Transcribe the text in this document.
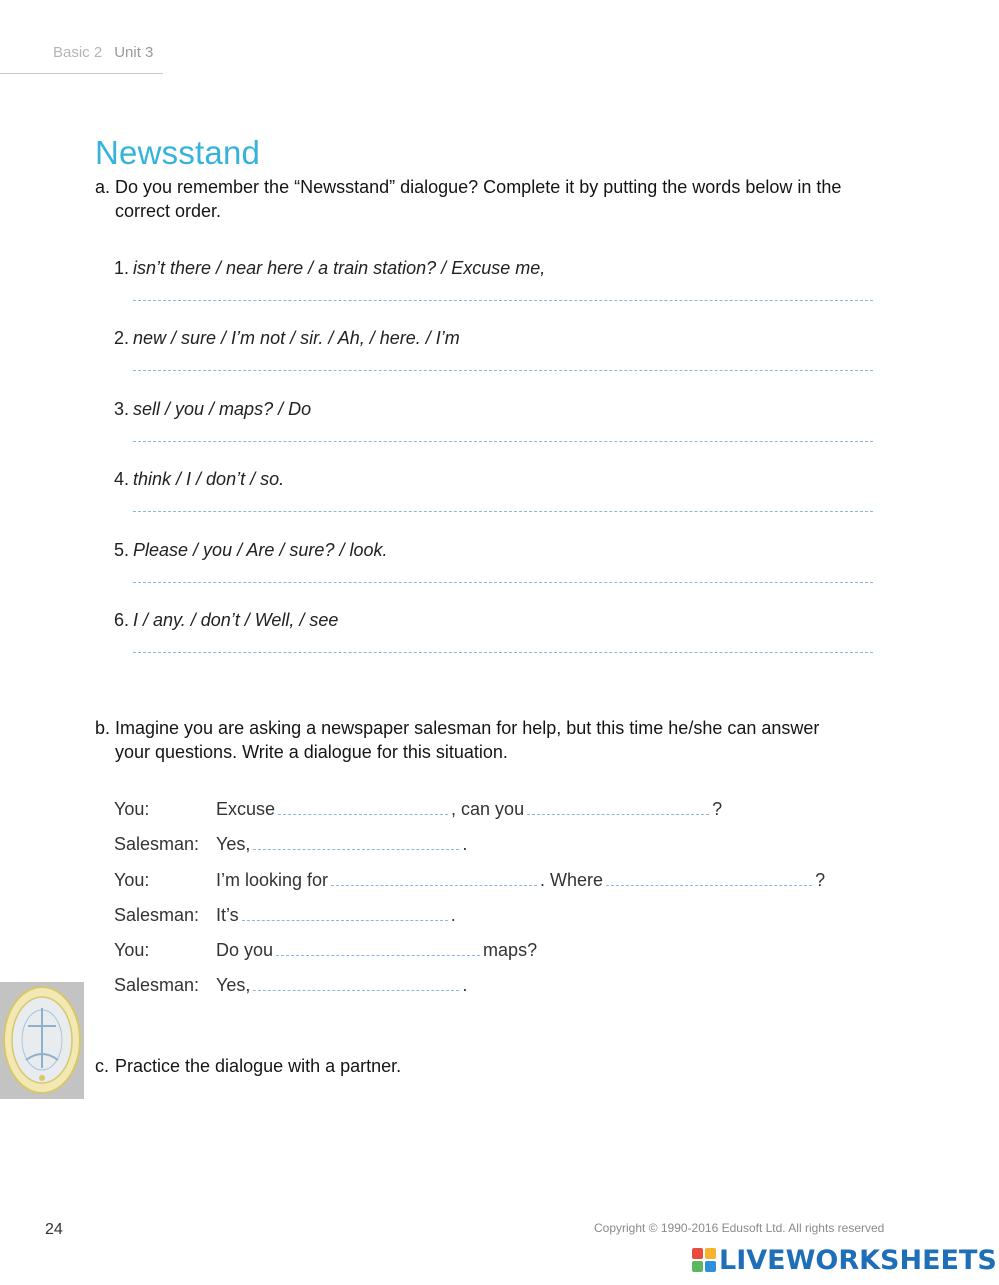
Basic 2 Unit 3
Newsstand
a. Do you remember the “Newsstand” dialogue? Complete it by putting the words below in the correct order.
1. isn’t there / near here / a train station? / Excuse me,
2. new / sure / I’m not / sir. / Ah, / here. / I’m
3. sell / you / maps? / Do
4. think / I / don’t / so.
5. Please / you / Are / sure? / look.
6. I / any. / don’t / Well, / see
b. Imagine you are asking a newspaper salesman for help, but this time he/she can answer your questions. Write a dialogue for this situation.
You:	Excuse	, can you	?
Salesman: Yes,	.
You:	I’m looking for	. Where	?
Salesman: It’s	.
You:	Do you	maps?
Salesman: Yes,	.
c. Practice the dialogue with a partner.
24	Copyright © 1990-2016 Edusoft Ltd. All rights reserved
LIVEWORKSHEETS
